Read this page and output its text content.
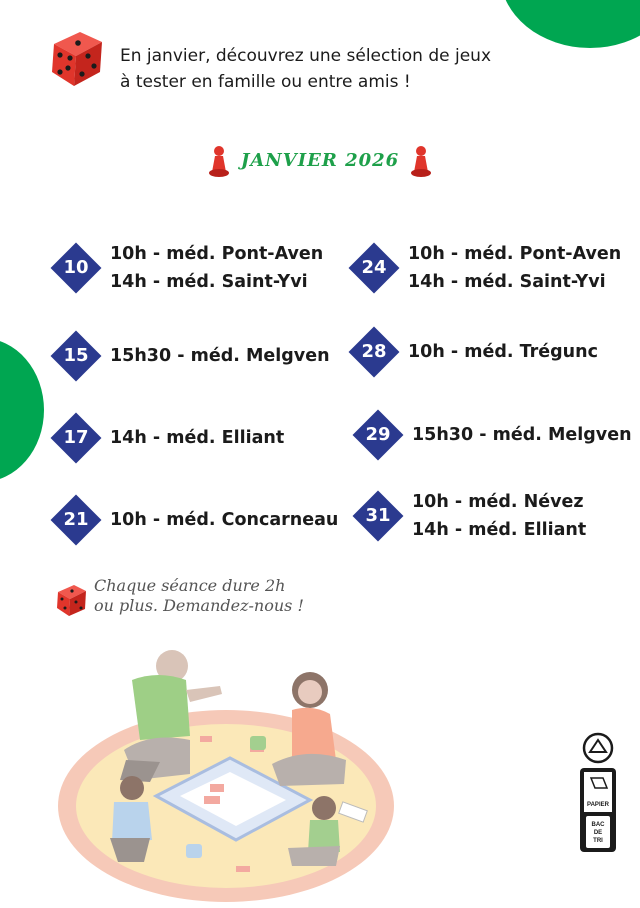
En janvier, découvrez une sélection de jeux
à tester en famille ou entre amis !

JANVIER 2026

10
10h - méd. Pont-Aven
14h - méd. Saint-Yvi
15	15h30 - méd. Melgven
17	14h - méd. Elliant
21	10h - méd. Concarneau
24
10h - méd. Pont-Aven
14h - méd. Saint-Yvi
28	10h - méd. Trégunc
29	15h30 - méd. Melgven
31
10h - méd. Névez
14h - méd. Elliant

Chaque séance dure 2h
ou plus. Demandez-nous !

PAPIER
BAC
DE
TRI
